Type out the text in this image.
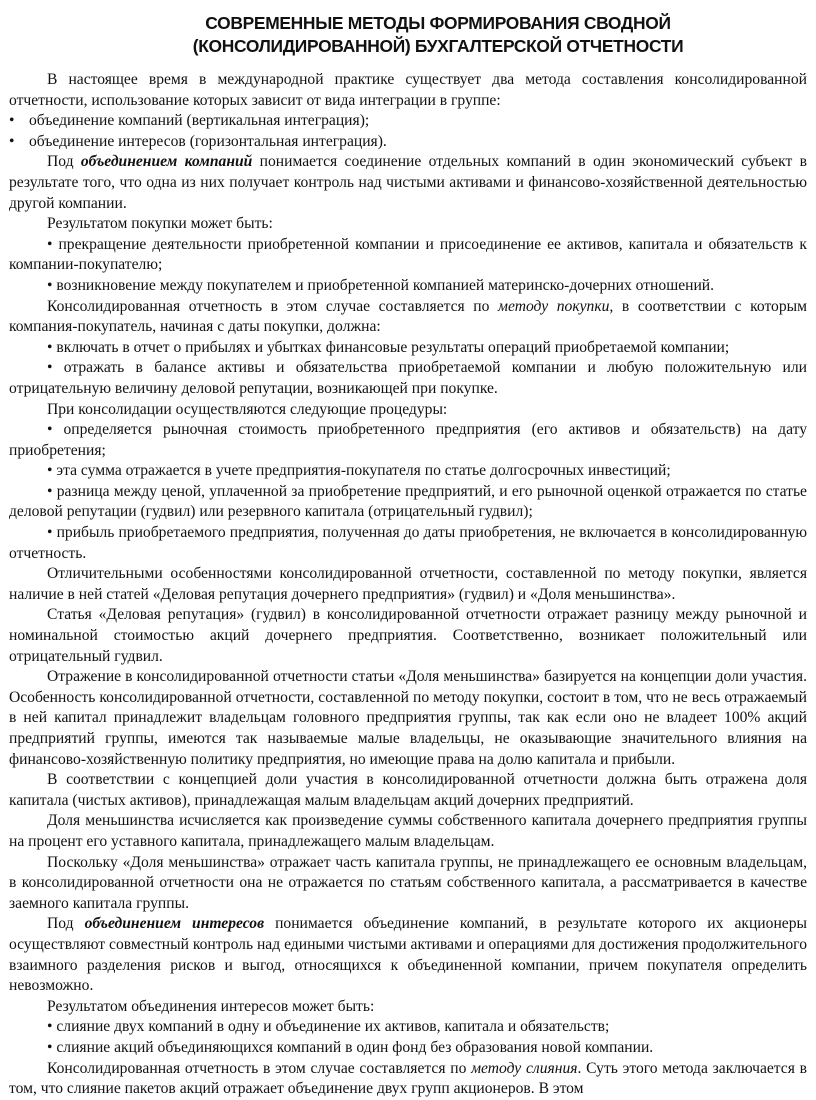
СОВРЕМЕННЫЕ МЕТОДЫ ФОРМИРОВАНИЯ СВОДНОЙ
(КОНСОЛИДИРОВАННОЙ) БУХГАЛТЕРСКОЙ ОТЧЕТНОСТИ

В настоящее время в международной практике существует два метода составления консолидированной отчетности, использование которых зависит от вида интеграции в группе:

• объединение компаний (вертикальная интеграция);

• объединение интересов (горизонтальная интеграция).

Под объединением компаний понимается соединение отдельных компаний в один экономический субъект в результате того, что одна из них получает контроль над чистыми активами и финансово-хозяйственной деятельностью другой компании.

Результатом покупки может быть:

• прекращение деятельности приобретенной компании и присоединение ее активов, капитала и обязательств к компании-покупателю;

• возникновение между покупателем и приобретенной компанией материнско-дочерних отношений.

Консолидированная отчетность в этом случае составляется по методу покупки, в соответствии с которым компания-покупатель, начиная с даты покупки, должна:

• включать в отчет о прибылях и убытках финансовые результаты операций приобретаемой компании;

• отражать в балансе активы и обязательства приобретаемой компании и любую положительную или отрицательную величину деловой репутации, возникающей при покупке.

При консолидации осуществляются следующие процедуры:

• определяется рыночная стоимость приобретенного предприятия (его активов и обязательств) на дату приобретения;

• эта сумма отражается в учете предприятия-покупателя по статье долгосрочных инвестиций;

• разница между ценой, уплаченной за приобретение предприятий, и его рыночной оценкой отражается по статье деловой репутации (гудвил) или резервного капитала (отрицательный гудвил);

• прибыль приобретаемого предприятия, полученная до даты приобретения, не включается в консолидированную отчетность.

Отличительными особенностями консолидированной отчетности, составленной по методу покупки, является наличие в ней статей «Деловая репутация дочернего предприятия» (гудвил) и «Доля меньшинства».

Статья «Деловая репутация» (гудвил) в консолидированной отчетности отражает разницу между рыночной и номинальной стоимостью акций дочернего предприятия. Соответственно, возникает положительный или отрицательный гудвил.

Отражение в консолидированной отчетности статьи «Доля меньшинства» базируется на концепции доли участия. Особенность консолидированной отчетности, составленной по методу покупки, состоит в том, что не весь отражаемый в ней капитал принадлежит владельцам головного предприятия группы, так как если оно не владеет 100% акций предприятий группы, имеются так называемые малые владельцы, не оказывающие значительного влияния на финансово-хозяйственную политику предприятия, но имеющие права на долю капитала и прибыли.

В соответствии с концепцией доли участия в консолидированной отчетности должна быть отражена доля капитала (чистых активов), принадлежащая малым владельцам акций дочерних предприятий.

Доля меньшинства исчисляется как произведение суммы собственного капитала дочернего предприятия группы на процент его уставного капитала, принадлежащего малым владельцам.

Поскольку «Доля меньшинства» отражает часть капитала группы, не принадлежащего ее основным владельцам, в консолидированной отчетности она не отражается по статьям собственного капитала, а рассматривается в качестве заемного капитала группы.

Под объединением интересов понимается объединение компаний, в результате которого их акционеры осуществляют совместный контроль над едиными чистыми активами и операциями для достижения продолжительного взаимного разделения рисков и выгод, относящихся к объединенной компании, причем покупателя определить невозможно.

Результатом объединения интересов может быть:

• слияние двух компаний в одну и объединение их активов, капитала и обязательств;

• слияние акций объединяющихся компаний в один фонд без образования новой компании.

Консолидированная отчетность в этом случае составляется по методу слияния. Суть этого метода заключается в том, что слияние пакетов акций отражает объединение двух групп акционеров. В этом
